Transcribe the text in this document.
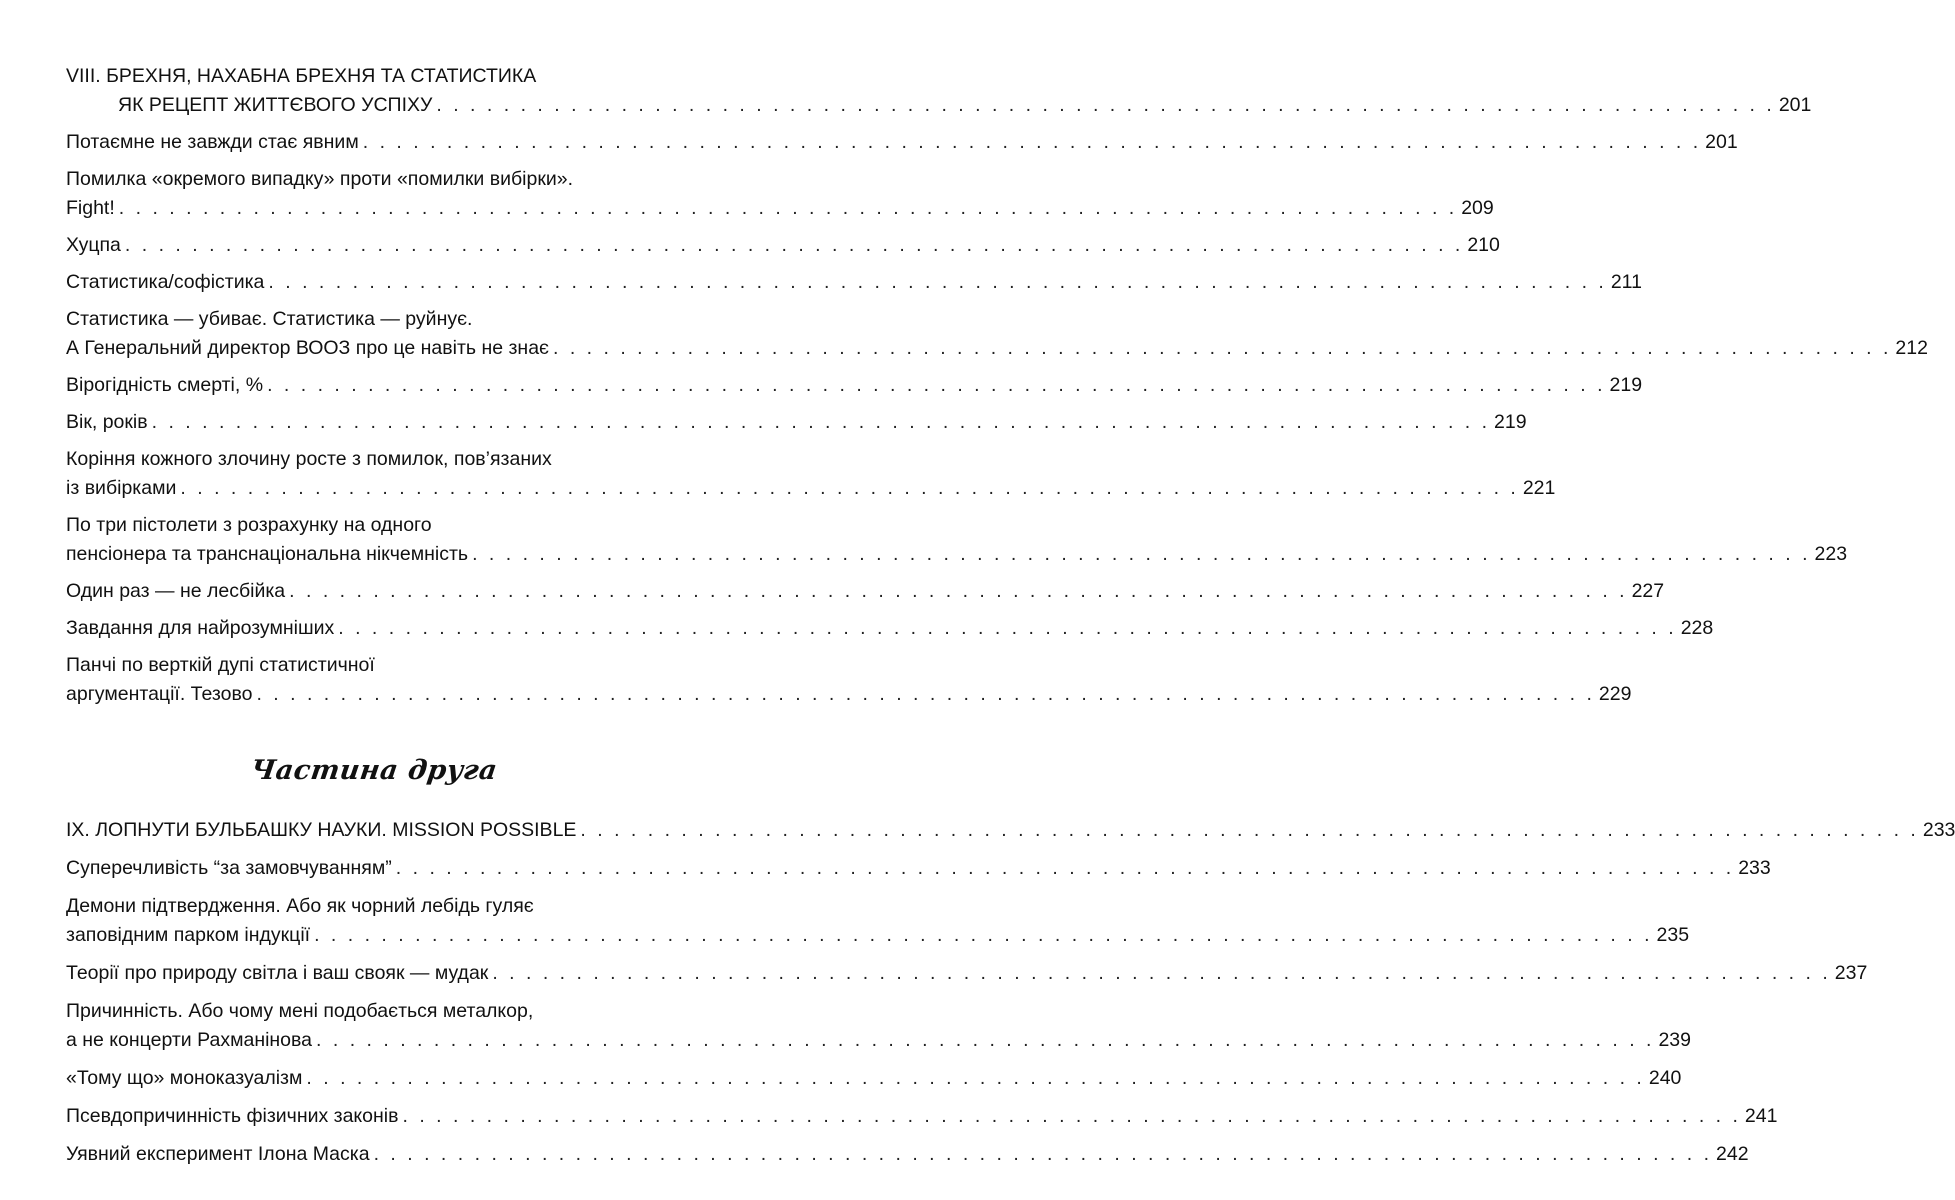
VIII. БРЕХНЯ, НАХАБНА БРЕХНЯ ТА СТАТИСТИКА
ЯК РЕЦЕПТ ЖИТТЄВОГО УСПІХУ . . . . . . . . . . . . . . . . . . . . . . . . . . . . . . . . . . . . . . . . . . . . . . . . . . . . . . . . . . . . . . . . . . . . . . . . . . . . . . . . 201
Потаємне не завжди стає явним . . . . . . . . . . . . . . . . . . . . . . . . . . . . . . . . . . . . . . . . . . . . . . . . . . . . . . . . . . . . . . . . . . . . . . . . . . . . . . . . 201
Помилка «окремого випадку» проти «помилки вибірки».
Fight! . . . . . . . . . . . . . . . . . . . . . . . . . . . . . . . . . . . . . . . . . . . . . . . . . . . . . . . . . . . . . . . . . . . . . . . . . . . . . . . . 209
Хуцпа . . . . . . . . . . . . . . . . . . . . . . . . . . . . . . . . . . . . . . . . . . . . . . . . . . . . . . . . . . . . . . . . . . . . . . . . . . . . . . . . 210
Статистика/софістика . . . . . . . . . . . . . . . . . . . . . . . . . . . . . . . . . . . . . . . . . . . . . . . . . . . . . . . . . . . . . . . . . . . . . . . . . . . . . . . . 211
Статистика — убиває. Статистика — руйнує.
А Генеральний директор ВООЗ про це навіть не знає . . . . . . . . . . . . . . . . . . . . . . . . . . . . . . . . . . . . . . . . . . . . . . . . . . . . . . . . . . . . . . . . . . . . . . . . . . . . . . . . 212
Вірогідність смерті, % . . . . . . . . . . . . . . . . . . . . . . . . . . . . . . . . . . . . . . . . . . . . . . . . . . . . . . . . . . . . . . . . . . . . . . . . . . . . . . . . 219
Вік, років . . . . . . . . . . . . . . . . . . . . . . . . . . . . . . . . . . . . . . . . . . . . . . . . . . . . . . . . . . . . . . . . . . . . . . . . . . . . . . . . 219
Коріння кожного злочину росте з помилок, пов’язаних
із вибірками . . . . . . . . . . . . . . . . . . . . . . . . . . . . . . . . . . . . . . . . . . . . . . . . . . . . . . . . . . . . . . . . . . . . . . . . . . . . . . . . 221
По три пістолети з розрахунку на одного
пенсіонера та транснаціональна нікчемність . . . . . . . . . . . . . . . . . . . . . . . . . . . . . . . . . . . . . . . . . . . . . . . . . . . . . . . . . . . . . . . . . . . . . . . . . . . . . . . . 223
Один раз — не лесбійка . . . . . . . . . . . . . . . . . . . . . . . . . . . . . . . . . . . . . . . . . . . . . . . . . . . . . . . . . . . . . . . . . . . . . . . . . . . . . . . . 227
Завдання для найрозумніших . . . . . . . . . . . . . . . . . . . . . . . . . . . . . . . . . . . . . . . . . . . . . . . . . . . . . . . . . . . . . . . . . . . . . . . . . . . . . . . . 228
Панчі по верткій дупі статистичної
аргументації. Тезово . . . . . . . . . . . . . . . . . . . . . . . . . . . . . . . . . . . . . . . . . . . . . . . . . . . . . . . . . . . . . . . . . . . . . . . . . . . . . . . . 229
Частина друга
IX. ЛОПНУТИ БУЛЬБАШКУ НАУКИ. MISSION POSSIBLE . . . . . . . . . . . . . . . . . . . . . . . . . . . . . . . . . . . . . . . . . . . . . . . . . . . . . . . . . . . . . . . . . . . . . . . . . . . . . . . . 233
Суперечливість “за замовчуванням” . . . . . . . . . . . . . . . . . . . . . . . . . . . . . . . . . . . . . . . . . . . . . . . . . . . . . . . . . . . . . . . . . . . . . . . . . . . . . . . . 233
Демони підтвердження. Або як чорний лебідь гуляє
заповідним парком індукції . . . . . . . . . . . . . . . . . . . . . . . . . . . . . . . . . . . . . . . . . . . . . . . . . . . . . . . . . . . . . . . . . . . . . . . . . . . . . . . . 235
Теорії про природу світла і ваш свояк — мудак . . . . . . . . . . . . . . . . . . . . . . . . . . . . . . . . . . . . . . . . . . . . . . . . . . . . . . . . . . . . . . . . . . . . . . . . . . . . . . . . 237
Причинність. Або чому мені подобається металкор,
а не концерти Рахманінова . . . . . . . . . . . . . . . . . . . . . . . . . . . . . . . . . . . . . . . . . . . . . . . . . . . . . . . . . . . . . . . . . . . . . . . . . . . . . . . . 239
«Тому що» моноказуалізм . . . . . . . . . . . . . . . . . . . . . . . . . . . . . . . . . . . . . . . . . . . . . . . . . . . . . . . . . . . . . . . . . . . . . . . . . . . . . . . . 240
Псевдопричинність фізичних законів . . . . . . . . . . . . . . . . . . . . . . . . . . . . . . . . . . . . . . . . . . . . . . . . . . . . . . . . . . . . . . . . . . . . . . . . . . . . . . . . 241
Уявний експеримент Ілона Маска . . . . . . . . . . . . . . . . . . . . . . . . . . . . . . . . . . . . . . . . . . . . . . . . . . . . . . . . . . . . . . . . . . . . . . . . . . . . . . . . 242
